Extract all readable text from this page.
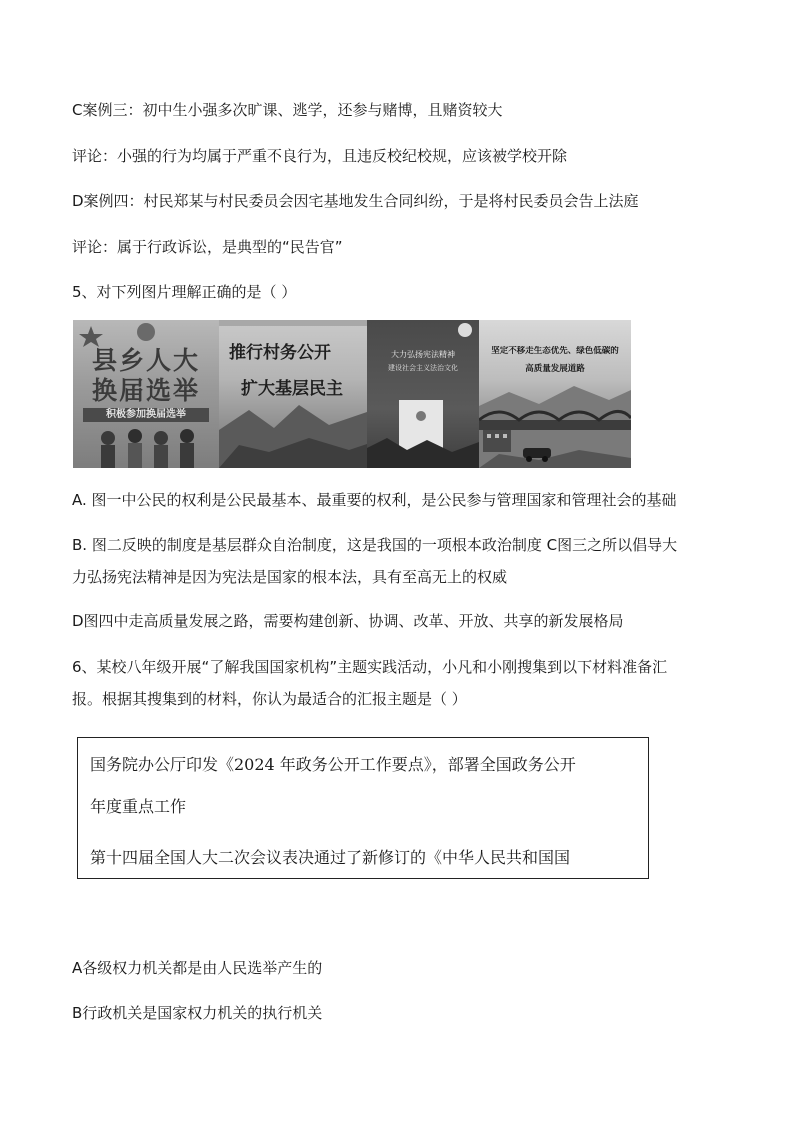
C案例三：初中生小强多次旷课、逃学，还参与赌博，且赌资较大
评论：小强的行为均属于严重不良行为，且违反校纪校规，应该被学校开除
D案例四：村民郑某与村民委员会因宅基地发生合同纠纷，于是将村民委员会告上法庭
评论：属于行政诉讼，是典型的“民告官”
5、对下列图片理解正确的是（ ）
县乡人大换届选举
积极参加换届选举
推行村务公开
扩大基层民主
大力弘扬宪法精神
建设社会主义法治文化
坚定不移走生态优先、绿色低碳的
高质量发展道路
A. 图一中公民的权利是公民最基本、最重要的权利，是公民参与管理国家和管理社会的基础
B. 图二反映的制度是基层群众自治制度，这是我国的一项根本政治制度 C图三之所以倡导大
力弘扬宪法精神是因为宪法是国家的根本法，具有至高无上的权威
D图四中走高质量发展之路，需要构建创新、协调、改革、开放、共享的新发展格局
6、某校八年级开展“了解我国国家机构”主题实践活动，小凡和小刚搜集到以下材料准备汇
报。根据其搜集到的材料，你认为最适合的汇报主题是（ ）
国务院办公厅印发《2024 年政务公开工作要点》，部署全国政务公开
年度重点工作
第十四届全国人大二次会议表决通过了新修订的《中华人民共和国国
A各级权力机关都是由人民选举产生的
B行政机关是国家权力机关的执行机关
